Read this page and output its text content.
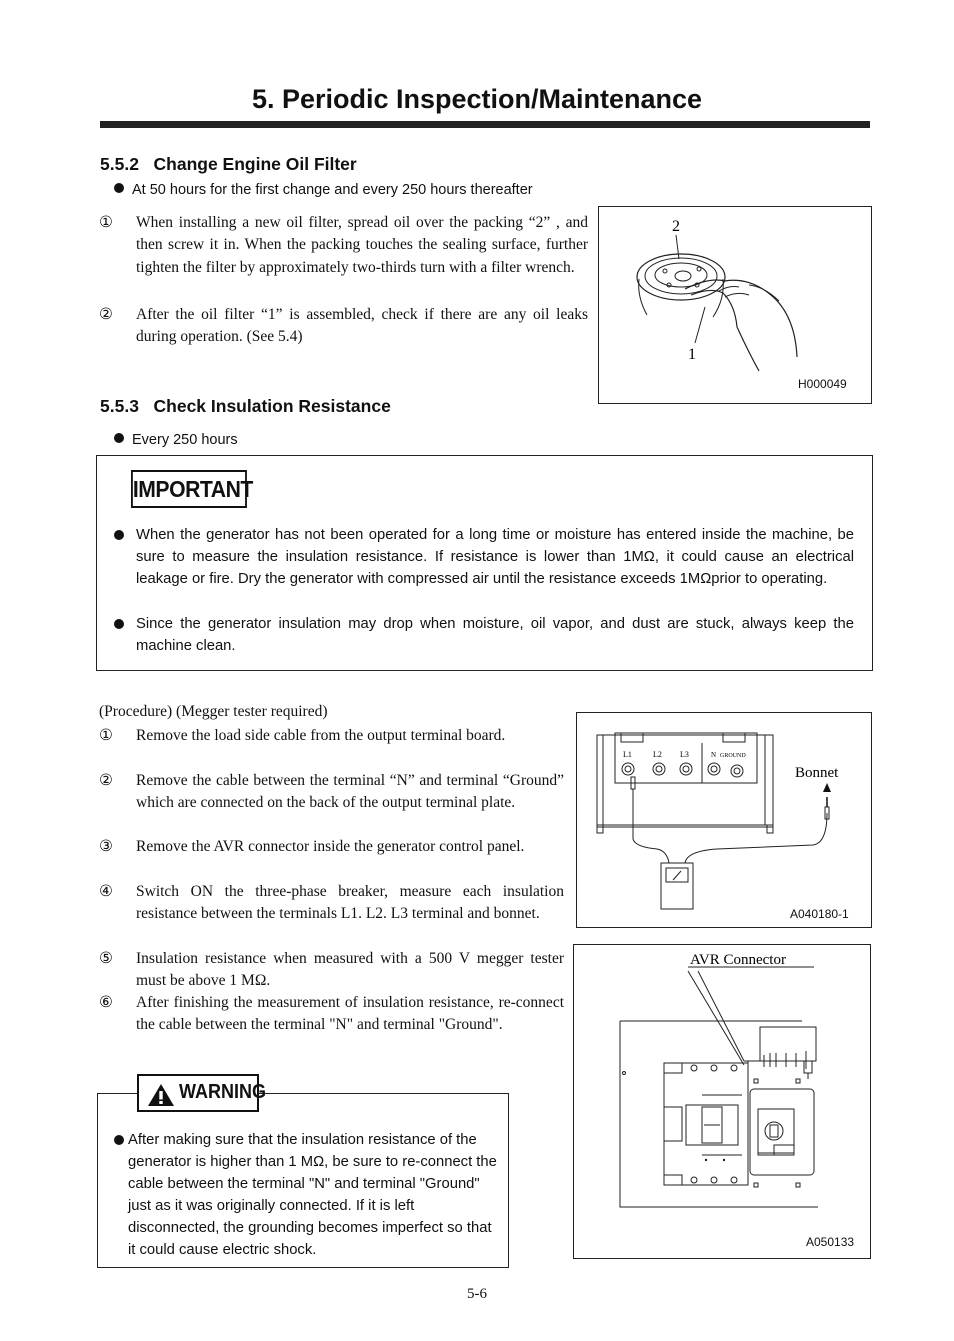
5. Periodic Inspection/Maintenance
5.5.2   Change Engine Oil Filter
At 50 hours for the first change and every 250 hours thereafter
①	When installing a new oil filter, spread oil over the packing “2” , and then screw it in. When the packing touches the sealing surface, further tighten the filter by approximately two-thirds turn with a filter wrench.
②	After the oil filter “1” is assembled, check if there are any oil leaks during operation. (See 5.4)
2
1
H000049
5.5.3   Check Insulation Resistance
Every 250 hours
IMPORTANT
When the generator has not been operated for a long time or moisture has entered inside the machine, be sure to measure the insulation resistance. If resistance is lower than 1MΩ, it could cause an electrical leakage or fire. Dry the generator with compressed air until the resistance exceeds 1MΩprior to operating.
Since the generator insulation may drop when moisture, oil vapor, and dust are stuck, always keep the machine clean.
(Procedure) (Megger tester required)
①	Remove the load side cable from the output terminal board.
②	Remove the cable between the terminal “N” and terminal “Ground” which are connected on the back of the output terminal plate.
③	Remove the AVR connector inside the generator control panel.
④	Switch ON the three-phase breaker, measure each insulation resistance between the terminals L1. L2. L3 terminal and bonnet.
⑤	Insulation resistance when measured with a 500 V megger tester must be above 1 MΩ.
⑥	After finishing the measurement of insulation resistance, re-connect the cable between the terminal "N" and terminal "Ground".
WARNING
After making sure that the insulation resistance of the generator is higher than 1 MΩ, be sure to re-connect the cable between the terminal "N" and terminal "Ground" just as it was originally connected. If it is left disconnected, the grounding becomes imperfect so that it could cause electric shock.
L1	L2 L3	N GROUND
Bonnet
A040180-1
AVR Connector
A050133
5-6
